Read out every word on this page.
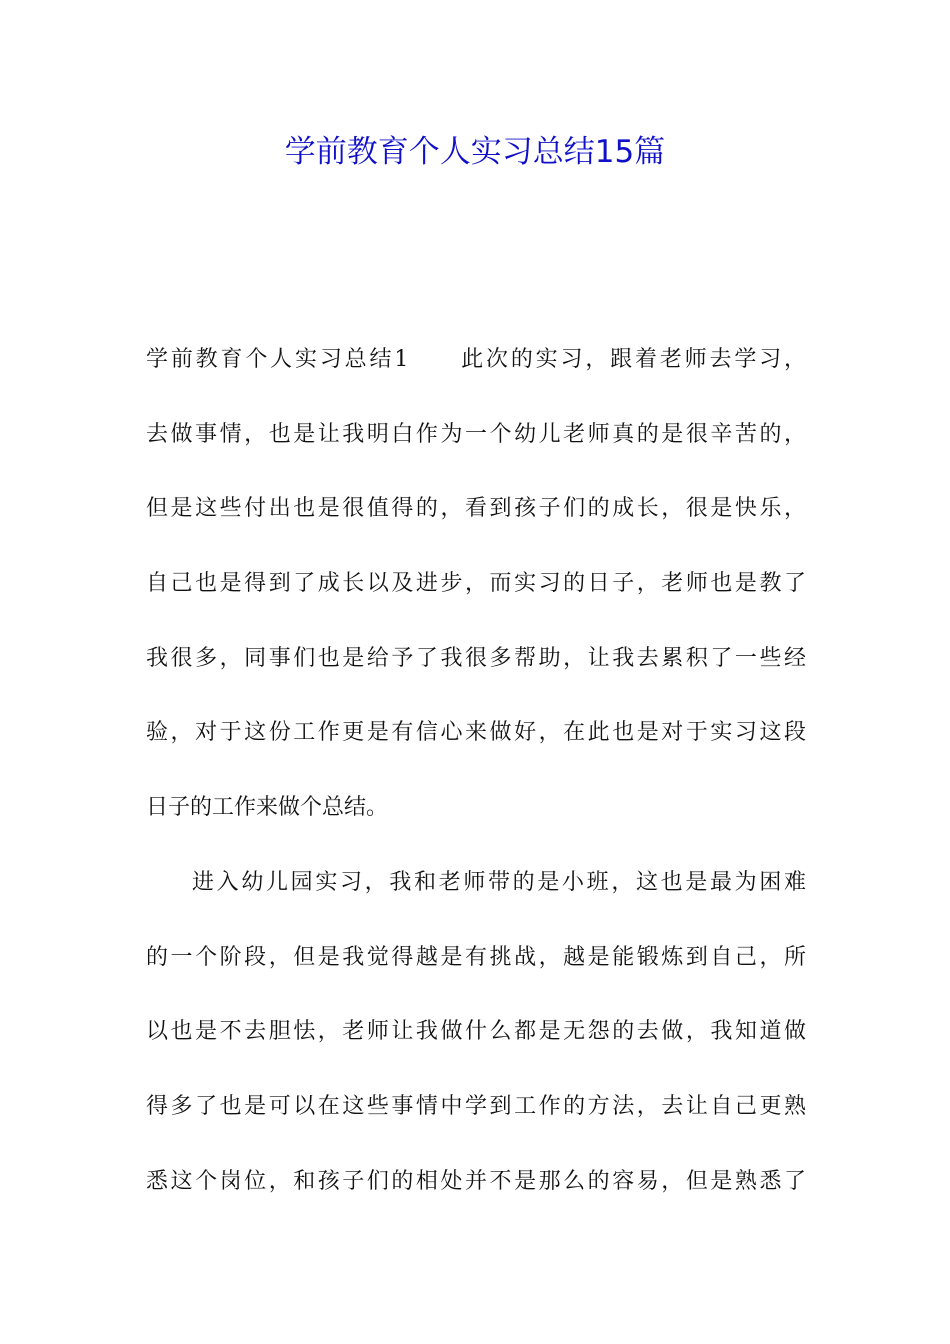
学前教育个人实习总结15篇
学前教育个人实习总结1 此次的实习，跟着老师去学习，
去做事情，也是让我明白作为一个幼儿老师真的是很辛苦的，
但是这些付出也是很值得的，看到孩子们的成长，很是快乐，
自己也是得到了成长以及进步，而实习的日子，老师也是教了
我很多，同事们也是给予了我很多帮助，让我去累积了一些经
验，对于这份工作更是有信心来做好，在此也是对于实习这段
日子的工作来做个总结。
进入幼儿园实习，我和老师带的是小班，这也是最为困难
的一个阶段，但是我觉得越是有挑战，越是能锻炼到自己，所
以也是不去胆怯，老师让我做什么都是无怨的去做，我知道做
得多了也是可以在这些事情中学到工作的方法，去让自己更熟
悉这个岗位，和孩子们的相处并不是那么的容易，但是熟悉了
